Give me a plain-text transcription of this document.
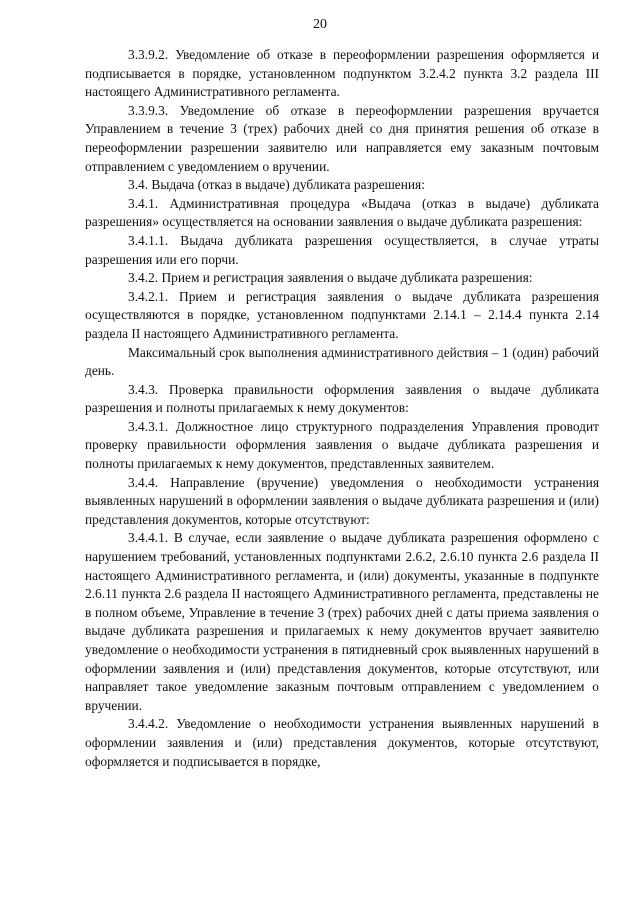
20

3.3.9.2. Уведомление об отказе в переоформлении разрешения оформляется и подписывается в порядке, установленном подпунктом 3.2.4.2 пункта 3.2 раздела III настоящего Административного регламента.

3.3.9.3. Уведомление об отказе в переоформлении разрешения вручается Управлением в течение 3 (трех) рабочих дней со дня принятия решения об отказе в переоформлении разрешении заявителю или направляется ему заказным почтовым отправлением с уведомлением о вручении.

3.4. Выдача (отказ в выдаче) дубликата разрешения:

3.4.1. Административная процедура «Выдача (отказ в выдаче) дубликата разрешения» осуществляется на основании заявления о выдаче дубликата разрешения:

3.4.1.1. Выдача дубликата разрешения осуществляется, в случае утраты разрешения или его порчи.

3.4.2. Прием и регистрация заявления о выдаче дубликата разрешения:

3.4.2.1. Прием и регистрация заявления о выдаче дубликата разрешения осуществляются в порядке, установленном подпунктами 2.14.1 – 2.14.4 пункта 2.14 раздела II настоящего Административного регламента.

Максимальный срок выполнения административного действия – 1 (один) рабочий день.

3.4.3. Проверка правильности оформления заявления о выдаче дубликата разрешения и полноты прилагаемых к нему документов:

3.4.3.1. Должностное лицо структурного подразделения Управления проводит проверку правильности оформления заявления о выдаче дубликата разрешения и полноты прилагаемых к нему документов, представленных заявителем.

3.4.4. Направление (вручение) уведомления о необходимости устранения выявленных нарушений в оформлении заявления о выдаче дубликата разрешения и (или) представления документов, которые отсутствуют:

3.4.4.1. В случае, если заявление о выдаче дубликата разрешения оформлено с нарушением требований, установленных подпунктами 2.6.2, 2.6.10 пункта 2.6 раздела II настоящего Административного регламента, и (или) документы, указанные в подпункте 2.6.11 пункта 2.6 раздела II настоящего Административного регламента, представлены не в полном объеме, Управление в течение 3 (трех) рабочих дней с даты приема заявления о выдаче дубликата разрешения и прилагаемых к нему документов вручает заявителю уведомление о необходимости устранения в пятидневный срок выявленных нарушений в оформлении заявления и (или) представления документов, которые отсутствуют, или направляет такое уведомление заказным почтовым отправлением с уведомлением о вручении.

3.4.4.2. Уведомление о необходимости устранения выявленных нарушений в оформлении заявления и (или) представления документов, которые отсутствуют, оформляется и подписывается в порядке,
